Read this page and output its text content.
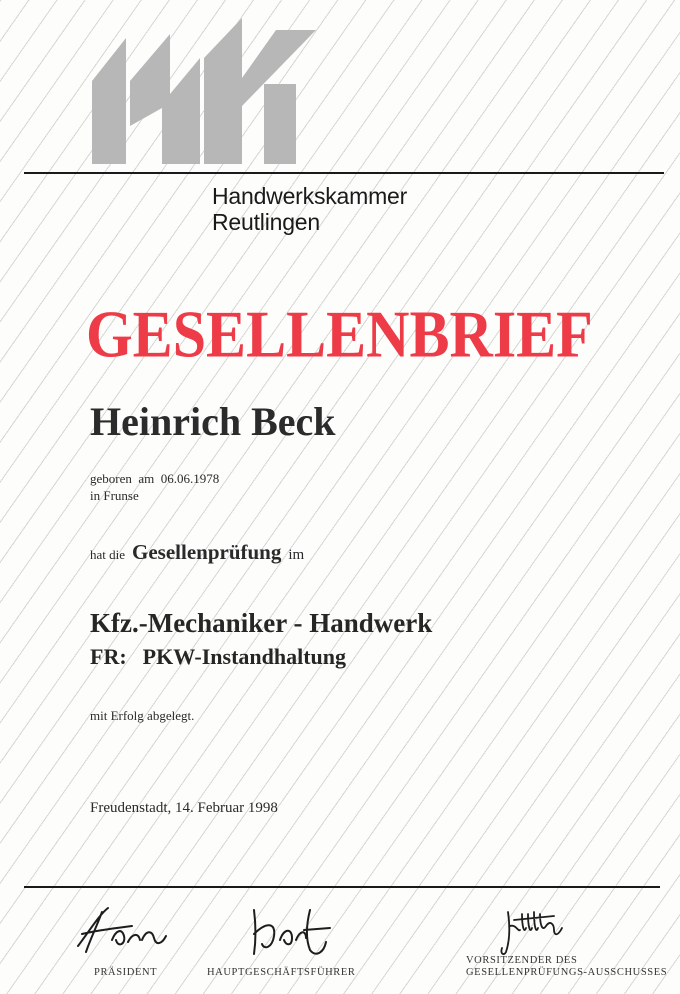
Handwerkskammer
Reutlingen
GESELLENBRIEF
Heinrich Beck
geboren am 06.06.1978
in Frunse
hat die Gesellenprüfung im
Kfz.-Mechaniker - Handwerk
FR: PKW-Instandhaltung
mit Erfolg abgelegt.
Freudenstadt, 14. Februar 1998
PRÄSIDENT	HAUPTGESCHÄFTSFÜHRER
VORSITZENDER DES
GESELLENPRÜFUNGS-AUSSCHUSSES
